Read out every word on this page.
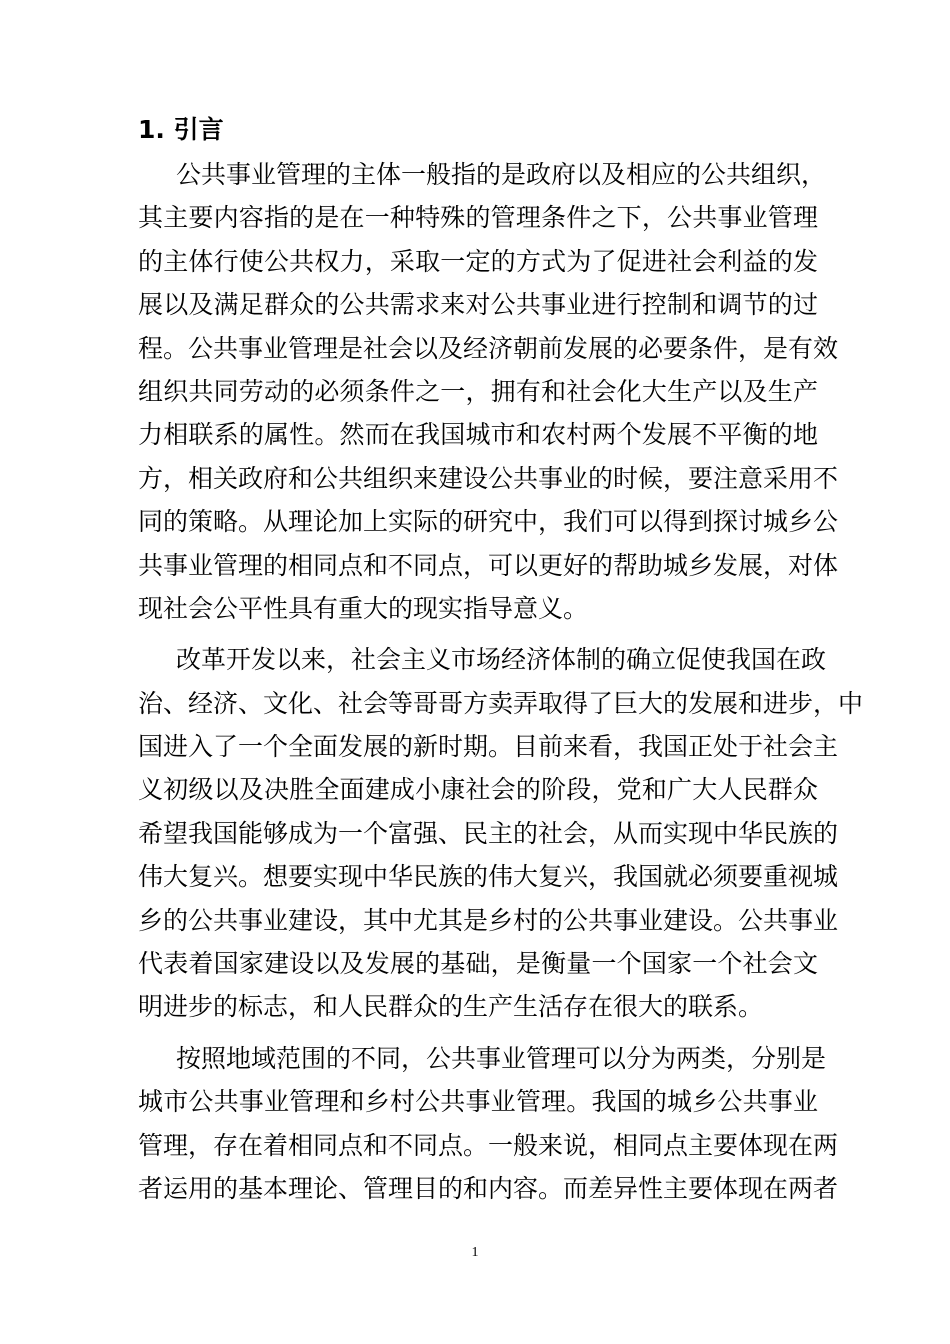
1. 引言

公共事业管理的主体一般指的是政府以及相应的公共组织，
其主要内容指的是在一种特殊的管理条件之下，公共事业管理
的主体行使公共权力，采取一定的方式为了促进社会利益的发
展以及满足群众的公共需求来对公共事业进行控制和调节的过
程。公共事业管理是社会以及经济朝前发展的必要条件，是有效
组织共同劳动的必须条件之一，拥有和社会化大生产以及生产
力相联系的属性。然而在我国城市和农村两个发展不平衡的地
方，相关政府和公共组织来建设公共事业的时候，要注意采用不
同的策略。从理论加上实际的研究中，我们可以得到探讨城乡公
共事业管理的相同点和不同点，可以更好的帮助城乡发展，对体
现社会公平性具有重大的现实指导意义。

改革开发以来，社会主义市场经济体制的确立促使我国在政
治、经济、文化、社会等哥哥方卖弄取得了巨大的发展和进步，中
国进入了一个全面发展的新时期。目前来看，我国正处于社会主
义初级以及决胜全面建成小康社会的阶段，党和广大人民群众
希望我国能够成为一个富强、民主的社会，从而实现中华民族的
伟大复兴。想要实现中华民族的伟大复兴，我国就必须要重视城
乡的公共事业建设，其中尤其是乡村的公共事业建设。公共事业
代表着国家建设以及发展的基础，是衡量一个国家一个社会文
明进步的标志，和人民群众的生产生活存在很大的联系。

按照地域范围的不同，公共事业管理可以分为两类，分别是
城市公共事业管理和乡村公共事业管理。我国的城乡公共事业
管理，存在着相同点和不同点。一般来说，相同点主要体现在两
者运用的基本理论、管理目的和内容。而差异性主要体现在两者

1
